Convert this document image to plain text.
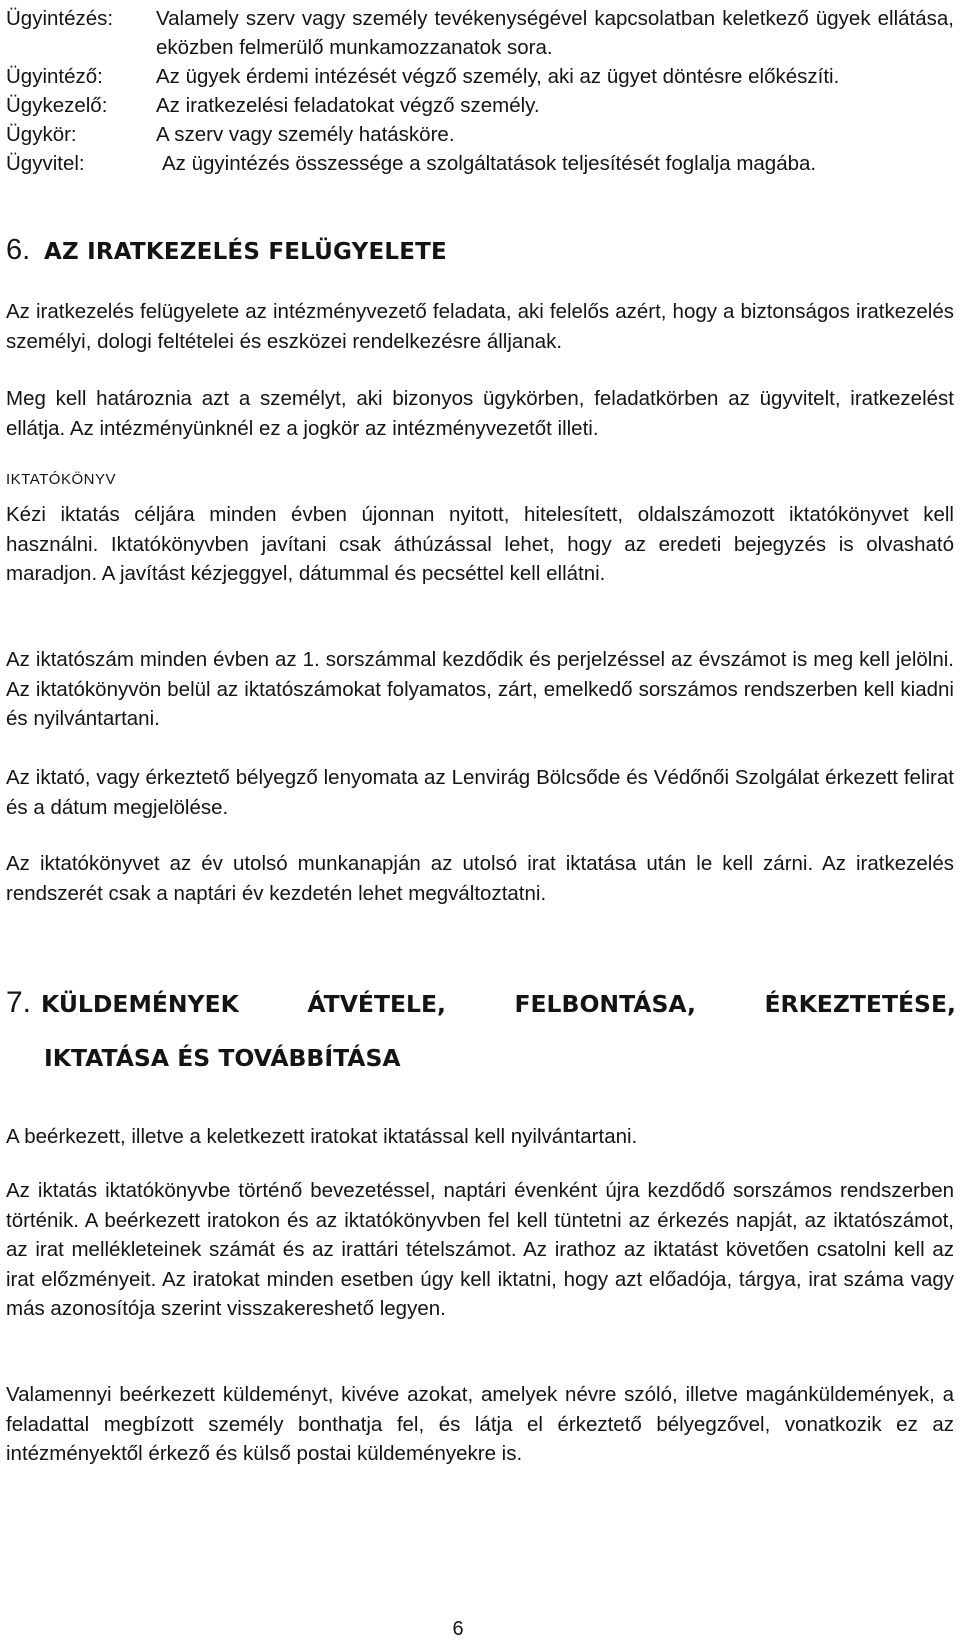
Ügyintézés:	Valamely szerv vagy személy tevékenységével kapcsolatban keletkező ügyek ellátása, eközben felmerülő munkamozzanatok sora.
Ügyintéző:	Az ügyek érdemi intézését végző személy, aki az ügyet döntésre előkészíti.
Ügykezelő:	Az iratkezelési feladatokat végző személy.
Ügykör:	A szerv vagy személy hatásköre.
Ügyvitel:	Az ügyintézés összessége a szolgáltatások teljesítését foglalja magába.
6. AZ IRATKEZELÉS FELÜGYELETE
Az iratkezelés felügyelete az intézményvezető feladata, aki felelős azért, hogy a biztonságos iratkezelés személyi, dologi feltételei és eszközei rendelkezésre álljanak.
Meg kell határoznia azt a személyt, aki bizonyos ügykörben, feladatkörben az ügyvitelt, iratkezelést ellátja. Az intézményünknél ez a jogkör az intézményvezetőt illeti.
IKTATÓKÖNYV
Kézi iktatás céljára minden évben újonnan nyitott, hitelesített, oldalszámozott iktatókönyvet kell használni. Iktatókönyvben javítani csak áthúzással lehet, hogy az eredeti bejegyzés is olvasható maradjon. A javítást kézjeggyel, dátummal és pecséttel kell ellátni.
Az iktatószám minden évben az 1. sorszámmal kezdődik és perjelzéssel az évszámot is meg kell jelölni. Az iktatókönyvön belül az iktatószámokat folyamatos, zárt, emelkedő sorszámos rendszerben kell kiadni és nyilvántartani.
Az iktató, vagy érkeztető bélyegző lenyomata az Lenvirág Bölcsőde és Védőnői Szolgálat érkezett felirat és a dátum megjelölése.
Az iktatókönyvet az év utolsó munkanapján az utolsó irat iktatása után le kell zárni. Az iratkezelés rendszerét csak a naptári év kezdetén lehet megváltoztatni.
7. KÜLDEMÉNYEK	ÁTVÉTELE,	FELBONTÁSA,	ÉRKEZTETÉSE,
IKTATÁSA ÉS TOVÁBBÍTÁSA
A beérkezett, illetve a keletkezett iratokat iktatással kell nyilvántartani.
Az iktatás iktatókönyvbe történő bevezetéssel, naptári évenként újra kezdődő sorszámos rendszerben történik. A beérkezett iratokon és az iktatókönyvben fel kell tüntetni az érkezés napját, az iktatószámot, az irat mellékleteinek számát és az irattári tételszámot. Az irathoz az iktatást követően csatolni kell az irat előzményeit. Az iratokat minden esetben úgy kell iktatni, hogy azt előadója, tárgya, irat száma vagy más azonosítója szerint visszakereshető legyen.
Valamennyi beérkezett küldeményt, kivéve azokat, amelyek névre szóló, illetve magánküldemények, a feladattal megbízott személy bonthatja fel, és látja el érkeztető bélyegzővel, vonatkozik ez az intézményektől érkező és külső postai küldeményekre is.
6
